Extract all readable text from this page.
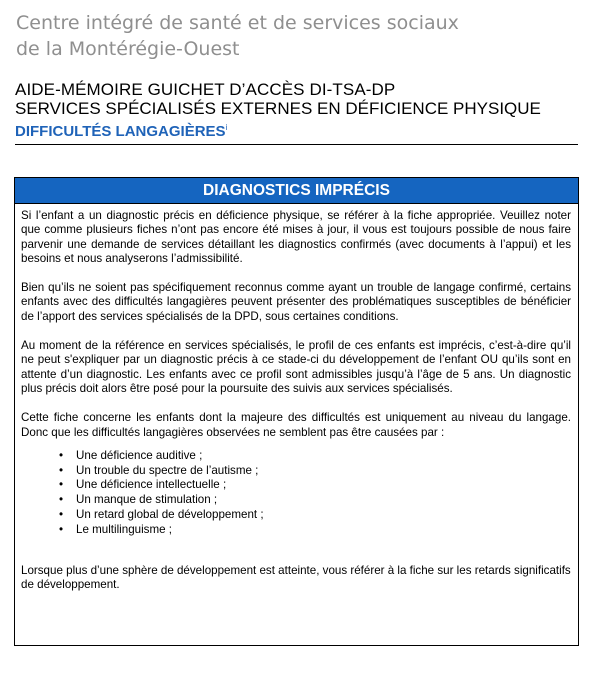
Centre intégré de santé et de services sociaux
de la Montérégie-Ouest
AIDE-MÉMOIRE GUICHET D’ACCÈS DI-TSA-DP
SERVICES SPÉCIALISÉS EXTERNES EN DÉFICIENCE PHYSIQUE
DIFFICULTÉS LANGAGIÈRES$^i$
DIAGNOSTICS IMPRÉCIS

Si l’enfant a un diagnostic précis en déficience physique, se référer à la fiche appropriée. Veuillez noter que comme plusieurs fiches n’ont pas encore été mises à jour, il vous est toujours possible de nous faire parvenir une demande de services détaillant les diagnostics confirmés (avec documents à l’appui) et les besoins et nous analyserons l’admissibilité.

Bien qu’ils ne soient pas spécifiquement reconnus comme ayant un trouble de langage confirmé, certains enfants avec des difficultés langagières peuvent présenter des problématiques susceptibles de bénéficier de l’apport des services spécialisés de la DPD, sous certaines conditions.

Au moment de la référence en services spécialisés, le profil de ces enfants est imprécis, c’est-à-dire qu’il ne peut s'expliquer par un diagnostic précis à ce stade-ci du développement de l’enfant OU qu’ils sont en attente d’un diagnostic. Les enfants avec ce profil sont admissibles jusqu’à l’âge de 5 ans. Un diagnostic plus précis doit alors être posé pour la poursuite des suivis aux services spécialisés.

Cette fiche concerne les enfants dont la majeure des difficultés est uniquement au niveau du langage. Donc que les difficultés langagières observées ne semblent pas être causées par :

• Une déficience auditive ;
• Un trouble du spectre de l’autisme ;
• Une déficience intellectuelle ;
• Un manque de stimulation ;
• Un retard global de développement ;
• Le multilinguisme ;

Lorsque plus d’une sphère de développement est atteinte, vous référer à la fiche sur les retards significatifs de développement.
